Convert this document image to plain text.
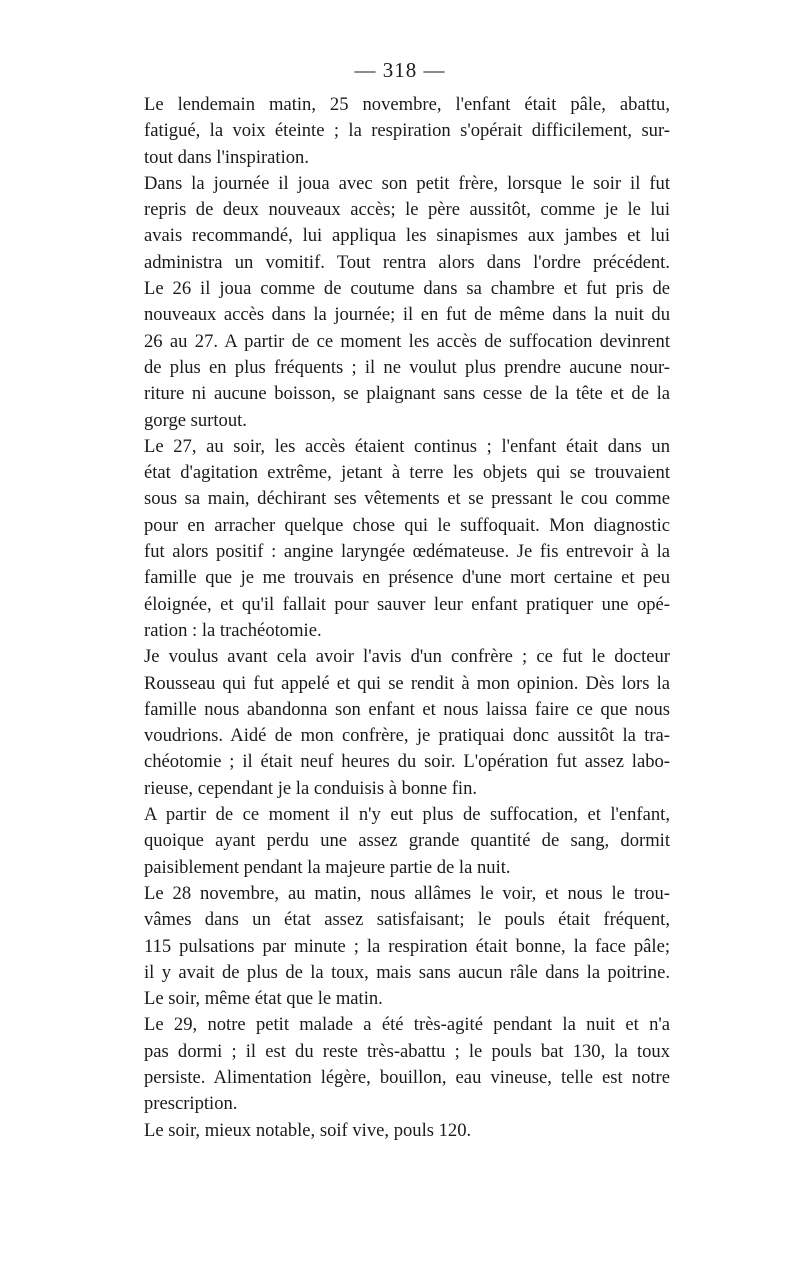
— 318 —
Le lendemain matin, 25 novembre, l'enfant était pâle, abattu,
fatigué, la voix éteinte ; la respiration s'opérait difficilement, sur-
tout dans l'inspiration.
Dans la journée il joua avec son petit frère, lorsque le soir il fut
repris de deux nouveaux accès; le père aussitôt, comme je le lui
avais recommandé, lui appliqua les sinapismes aux jambes et lui
administra un vomitif. Tout rentra alors dans l'ordre précédent.
Le 26 il joua comme de coutume dans sa chambre et fut pris de
nouveaux accès dans la journée; il en fut de même dans la nuit du
26 au 27. A partir de ce moment les accès de suffocation devinrent
de plus en plus fréquents ; il ne voulut plus prendre aucune nour-
riture ni aucune boisson, se plaignant sans cesse de la tête et de la
gorge surtout.
Le 27, au soir, les accès étaient continus ; l'enfant était dans un
état d'agitation extrême, jetant à terre les objets qui se trouvaient
sous sa main, déchirant ses vêtements et se pressant le cou comme
pour en arracher quelque chose qui le suffoquait. Mon diagnostic
fut alors positif : angine laryngée œdémateuse. Je fis entrevoir à la
famille que je me trouvais en présence d'une mort certaine et peu
éloignée, et qu'il fallait pour sauver leur enfant pratiquer une opé-
ration : la trachéotomie.
Je voulus avant cela avoir l'avis d'un confrère ; ce fut le docteur
Rousseau qui fut appelé et qui se rendit à mon opinion. Dès lors la
famille nous abandonna son enfant et nous laissa faire ce que nous
voudrions. Aidé de mon confrère, je pratiquai donc aussitôt la tra-
chéotomie ; il était neuf heures du soir. L'opération fut assez labo-
rieuse, cependant je la conduisis à bonne fin.
A partir de ce moment il n'y eut plus de suffocation, et l'enfant,
quoique ayant perdu une assez grande quantité de sang, dormit
paisiblement pendant la majeure partie de la nuit.
Le 28 novembre, au matin, nous allâmes le voir, et nous le trou-
vâmes dans un état assez satisfaisant; le pouls était fréquent,
115 pulsations par minute ; la respiration était bonne, la face pâle;
il y avait de plus de la toux, mais sans aucun râle dans la poitrine.
Le soir, même état que le matin.
Le 29, notre petit malade a été très-agité pendant la nuit et n'a
pas dormi ; il est du reste très-abattu ; le pouls bat 130, la toux
persiste. Alimentation légère, bouillon, eau vineuse, telle est notre
prescription.
Le soir, mieux notable, soif vive, pouls 120.
